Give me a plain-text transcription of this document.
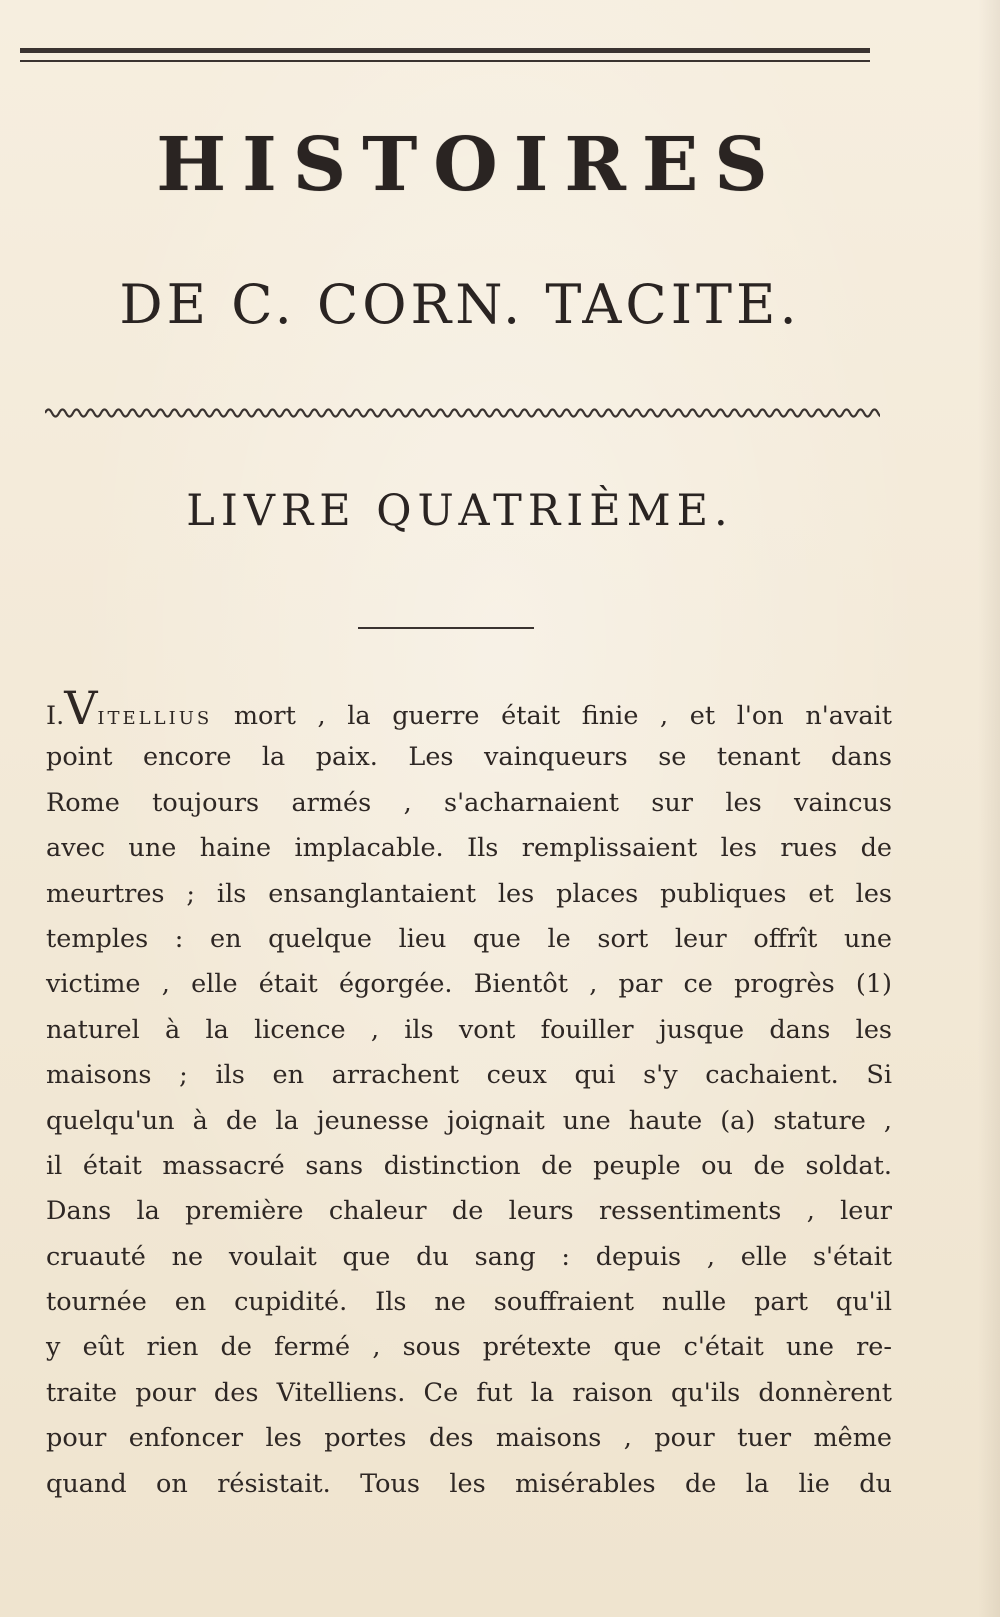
HISTOIRES
DE C. CORN. TACITE.
LIVRE QUATRIÈME.
I.Vitellius mort , la guerre était finie , et l'on n'avait
point encore la paix. Les vainqueurs se tenant dans
Rome toujours armés , s'acharnaient sur les vaincus
avec une haine implacable. Ils remplissaient les rues de
meurtres ; ils ensanglantaient les places publiques et les
temples : en quelque lieu que le sort leur offrît une
victime , elle était égorgée. Bientôt , par ce progrès (1)
naturel à la licence , ils vont fouiller jusque dans les
maisons ; ils en arrachent ceux qui s'y cachaient. Si
quelqu'un à de la jeunesse joignait une haute (a) stature ,
il était massacré sans distinction de peuple ou de soldat.
Dans la première chaleur de leurs ressentiments , leur
cruauté ne voulait que du sang : depuis , elle s'était
tournée en cupidité. Ils ne souffraient nulle part qu'il
y eût rien de fermé , sous prétexte que c'était une re-
traite pour des Vitelliens. Ce fut la raison qu'ils donnèrent
pour enfoncer les portes des maisons , pour tuer même
quand on résistait. Tous les misérables de la lie du
